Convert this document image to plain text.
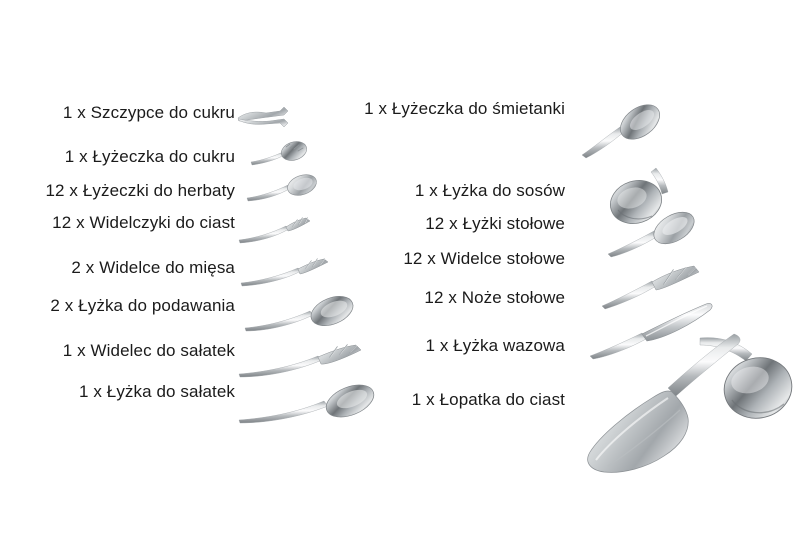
1 x Szczypce do cukru
1 x Łyżeczka do cukru
12 x Łyżeczki do herbaty
12 x Widelczyki do ciast
2 x Widelce do mięsa
2 x Łyżka do podawania
1 x Widelec do sałatek
1 x Łyżka do sałatek
1 x Łyżeczka do śmietanki
1 x Łyżka do sosów
12 x Łyżki stołowe
12 x Widelce stołowe
12 x Noże stołowe
1 x Łyżka wazowa
1 x Łopatka do ciast
